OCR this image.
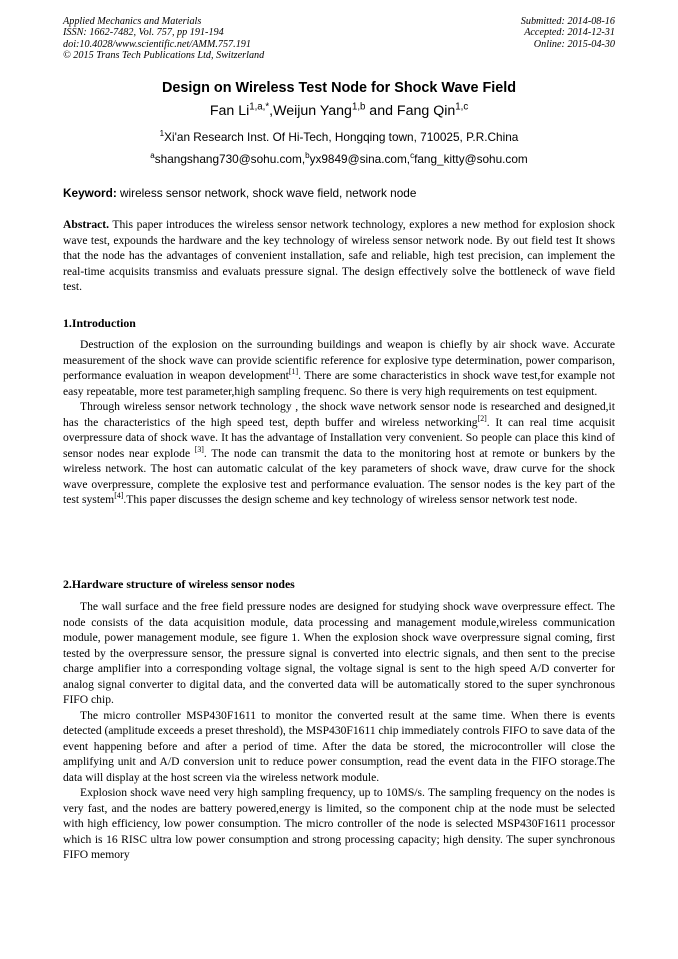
Applied Mechanics and Materials
ISSN: 1662-7482, Vol. 757, pp 191-194
doi:10.4028/www.scientific.net/AMM.757.191
© 2015 Trans Tech Publications Ltd, Switzerland
Submitted: 2014-08-16
Accepted: 2014-12-31
Online: 2015-04-30
Design on Wireless Test Node for Shock Wave Field
Fan $Li^{1,a,*},Weijun$ Yang$^{1,b}$ and Fang Qin$^{1,c}$
$^1$Xi'an Research Inst. Of Hi-Tech, Hongqing town, 710025, P.R.China
$^a$shangshang730@sohu.com,$^b$yx9849@sina.com,$^c$fang_kitty@sohu.com
Keyword: wireless sensor network, shock wave field, network node

Abstract. This paper introduces the wireless sensor network technology, explores a new method for explosion shock wave test, expounds the hardware and the key technology of wireless sensor network node. By out field test It shows that the node has the advantages of convenient installation, safe and reliable, high test precision, can implement the real-time acquisits transmiss and evaluats pressure signal. The design effectively solve the bottleneck of wave field test.

1.Introduction

Destruction of the explosion on the surrounding buildings and weapon is chiefly by air shock wave. Accurate measurement of the shock wave can provide scientific reference for explosive type determination, power comparison, performance evaluation in weapon development[1]. There are some characteristics in shock wave test,for example not easy repeatable, more test parameter,high sampling frequenc. So there is very high requirements on test equipment.

Through wireless sensor network technology , the shock wave network sensor node is researched and designed,it has the characteristics of the high speed test, depth buffer and wireless networking[2]. It can real time acquisit overpressure data of shock wave. It has the advantage of Installation very convenient. So people can place this kind of sensor nodes near explode [3]. The node can transmit the data to the monitoring host at remote or bunkers by the wireless network. The host can automatic calculat of the key parameters of shock wave, draw curve for the shock wave overpressure, complete the explosive test and performance evaluation. The sensor nodes is the key part of the test system[4].This paper discusses the design scheme and key technology of wireless sensor network test node.

2.Hardware structure of wireless sensor nodes

The wall surface and the free field pressure nodes are designed for studying shock wave overpressure effect. The node consists of the data acquisition module, data processing and management module,wireless communication module, power management module, see figure 1. When the explosion shock wave overpressure signal coming, first tested by the overpressure sensor, the pressure signal is converted into electric signals, and then sent to the precise charge amplifier into a corresponding voltage signal, the voltage signal is sent to the high speed A/D converter for analog signal converter to digital data, and the converted data will be automatically stored to the super synchronous FIFO chip.

The micro controller MSP430F1611 to monitor the converted result at the same time. When there is events detected (amplitude exceeds a preset threshold), the MSP430F1611 chip immediately controls FIFO to save data of the event happening before and after a period of time. After the data be stored, the microcontroller will close the amplifying unit and A/D conversion unit to reduce power consumption, read the event data in the FIFO storage.The data will display at the host screen via the wireless network module.

Explosion shock wave need very high sampling frequency, up to 10MS/s. The sampling frequency on the nodes is very fast, and the nodes are battery powered,energy is limited, so the component chip at the node must be selected with high efficiency, low power consumption. The micro controller of the node is selected MSP430F1611 processor which is 16 RISC ultra low power consumption and strong processing capacity; high density. The super synchronous FIFO memory
